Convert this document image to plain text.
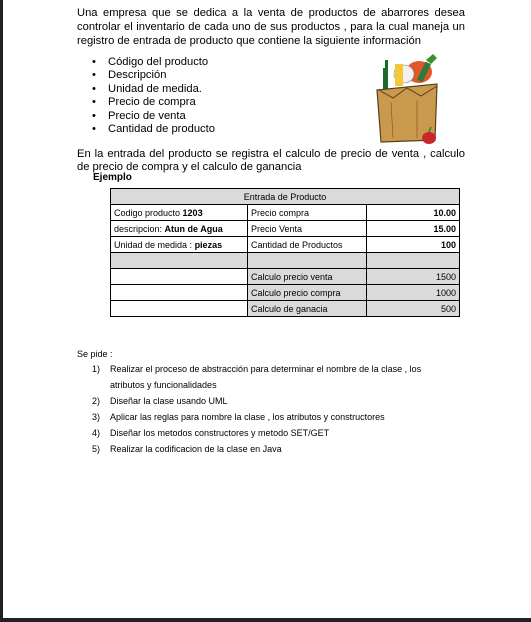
Una empresa que se dedica a la venta de productos de abarrores desea controlar el inventario de cada uno de sus productos , para la cual maneja un registro de entrada de producto que contiene la siguiente información

• Código del producto
• Descripción
• Unidad de medida.
• Precio de compra
• Precio de venta
• Cantidad de producto

En la entrada del producto se registra el calculo de precio de venta , calculo de precio de compra y el calculo de ganancia

Ejemplo
Entrada de Producto		
Codigo producto 1203	Precio compra	10.00
descripcion: Atun de Agua	Precio Venta	15.00
Unidad de medida : piezas	Cantidad de Productos	100

	Calculo precio venta	1500
	Calculo precio compra	1000
	Calculo de ganacia	500
Se pide :
1)	Realizar el proceso de abstracción para determinar el nombre de la clase , los
atributos y funcionalidades
2)	Diseñar la clase usando UML
3)	Aplicar las reglas para nombre la clase , los atributos y constructores
4)	Diseñar los metodos constructores y metodo SET/GET
5)	Realizar la codificacion de la clase en Java
